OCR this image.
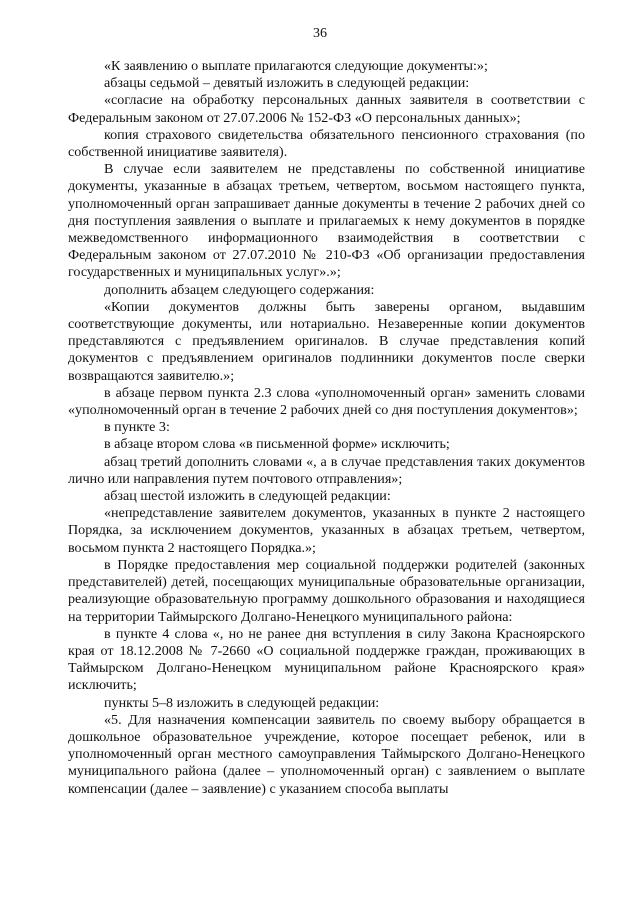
36

«К заявлению о выплате прилагаются следующие документы:»;

абзацы седьмой – девятый изложить в следующей редакции:

«согласие на обработку персональных данных заявителя в соответствии с Федеральным законом от 27.07.2006 № 152-ФЗ «О персональных данных»;

копия страхового свидетельства обязательного пенсионного страхования (по собственной инициативе заявителя).

В случае если заявителем не представлены по собственной инициативе документы, указанные в абзацах третьем, четвертом, восьмом настоящего пункта, уполномоченный орган запрашивает данные документы в течение 2 рабочих дней со дня поступления заявления о выплате и прилагаемых к нему документов в порядке межведомственного информационного взаимодействия в соответствии с Федеральным законом от 27.07.2010 № 210-ФЗ «Об организации предоставления государственных и муниципальных услуг».»;

дополнить абзацем следующего содержания:

«Копии документов должны быть заверены органом, выдавшим соответствующие документы, или нотариально. Незаверенные копии документов представляются с предъявлением оригиналов. В случае представления копий документов с предъявлением оригиналов подлинники документов после сверки возвращаются заявителю.»;

в абзаце первом пункта 2.3 слова «уполномоченный орган» заменить словами «уполномоченный орган в течение 2 рабочих дней со дня поступления документов»;

в пункте 3:

в абзаце втором слова «в письменной форме» исключить;

абзац третий дополнить словами «, а в случае представления таких документов лично или направления путем почтового отправления»;

абзац шестой изложить в следующей редакции:

«непредставление заявителем документов, указанных в пункте 2 настоящего Порядка, за исключением документов, указанных в абзацах третьем, четвертом, восьмом пункта 2 настоящего Порядка.»;

в Порядке предоставления мер социальной поддержки родителей (законных представителей) детей, посещающих муниципальные образовательные организации, реализующие образовательную программу дошкольного образования и находящиеся на территории Таймырского Долгано-Ненецкого муниципального района:

в пункте 4 слова «, но не ранее дня вступления в силу Закона Красноярского края от 18.12.2008 № 7-2660 «О социальной поддержке граждан, проживающих в Таймырском Долгано-Ненецком муниципальном районе Красноярского края» исключить;

пункты 5–8 изложить в следующей редакции:

«5. Для назначения компенсации заявитель по своему выбору обращается в дошкольное образовательное учреждение, которое посещает ребенок, или в уполномоченный орган местного самоуправления Таймырского Долгано-Ненецкого муниципального района (далее – уполномоченный орган) с заявлением о выплате компенсации (далее – заявление) с указанием способа выплаты
